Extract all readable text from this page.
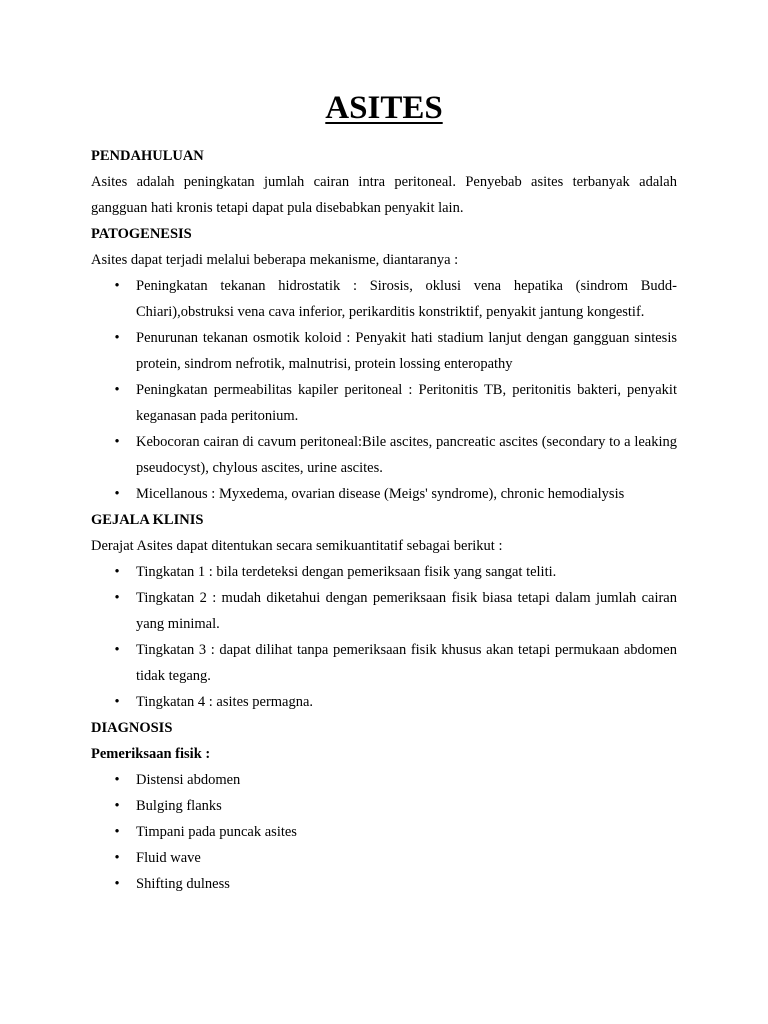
ASITES

PENDAHULUAN

Asites adalah peningkatan jumlah cairan intra peritoneal. Penyebab asites terbanyak adalah gangguan hati kronis tetapi dapat pula disebabkan penyakit lain.

PATOGENESIS

Asites dapat terjadi melalui beberapa mekanisme, diantaranya :

• Peningkatan tekanan hidrostatik : Sirosis, oklusi vena hepatika (sindrom Budd-Chiari),obstruksi vena cava inferior, perikarditis konstriktif, penyakit jantung kongestif.
• Penurunan tekanan osmotik koloid : Penyakit hati stadium lanjut dengan gangguan sintesis protein, sindrom nefrotik, malnutrisi, protein lossing enteropathy
• Peningkatan permeabilitas kapiler peritoneal : Peritonitis TB, peritonitis bakteri, penyakit keganasan pada peritonium.
• Kebocoran cairan di cavum peritoneal:Bile ascites, pancreatic ascites (secondary to a leaking pseudocyst), chylous ascites, urine ascites.
• Micellanous : Myxedema, ovarian disease (Meigs' syndrome), chronic hemodialysis

GEJALA KLINIS

Derajat Asites dapat ditentukan secara semikuantitatif sebagai berikut :

• Tingkatan 1 : bila terdeteksi dengan pemeriksaan fisik yang sangat teliti.
• Tingkatan 2 : mudah diketahui dengan pemeriksaan fisik biasa tetapi dalam jumlah cairan yang minimal.
• Tingkatan 3 : dapat dilihat tanpa pemeriksaan fisik khusus akan tetapi permukaan abdomen tidak tegang.
• Tingkatan 4 : asites permagna.

DIAGNOSIS

Pemeriksaan fisik :

• Distensi abdomen
• Bulging flanks
• Timpani pada puncak asites
• Fluid wave
• Shifting dulness
